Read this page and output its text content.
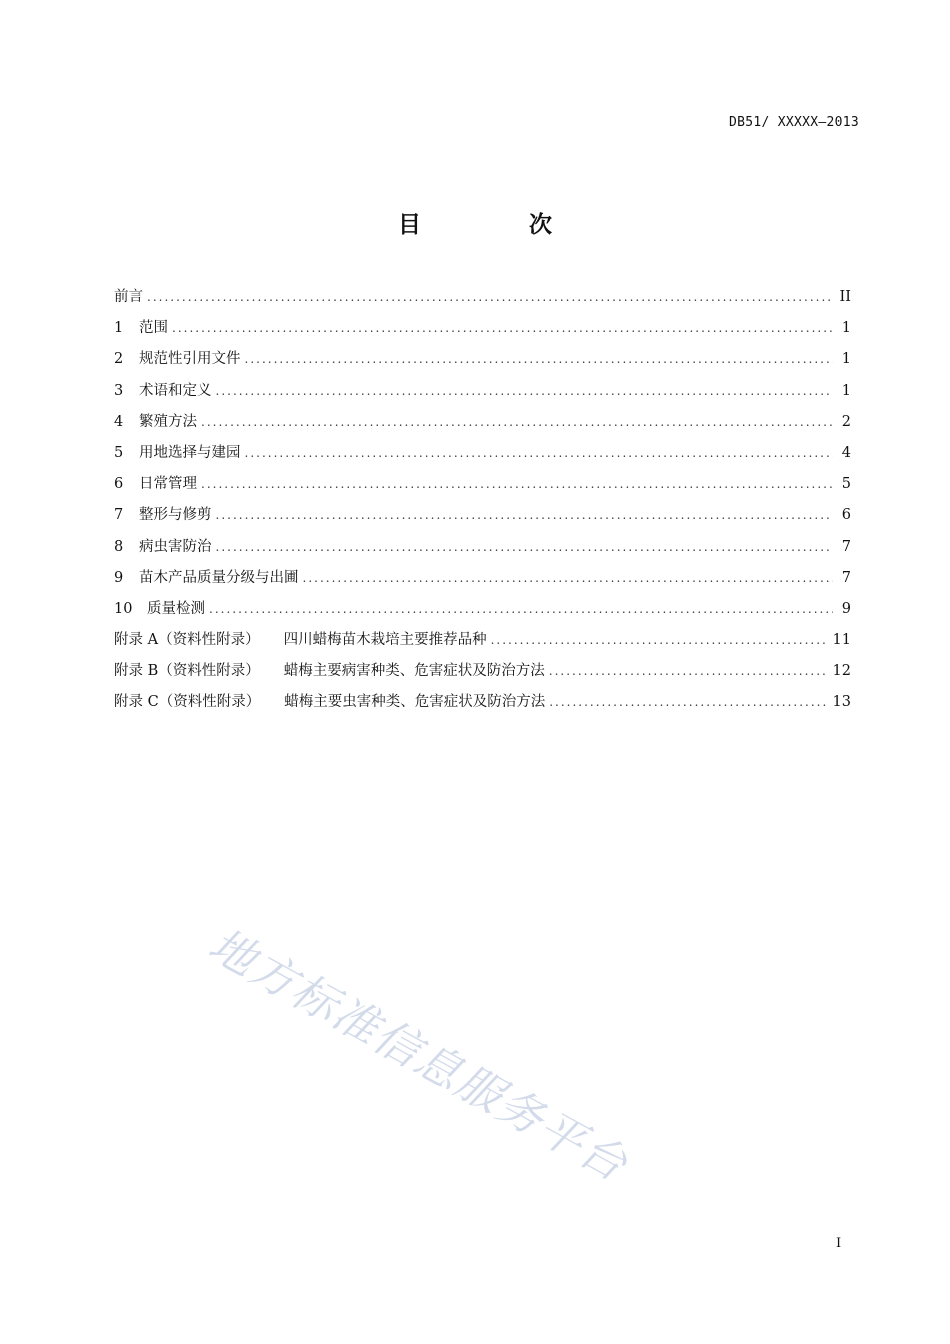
DB51/ XXXXX—2013
目 次
前言 .....	II
1	范围 .....	1
2	规范性引用文件 .....	1
3	术语和定义 .....	1
4	繁殖方法 .....	2
5	用地选择与建园 .....	4
6	日常管理 .....	5
7	整形与修剪 .....	6
8	病虫害防治 .....	7
9	苗木产品质量分级与出圃 .....	7
10	质量检测 .....	9
附录 A（资料性附录） 四川蜡梅苗木栽培主要推荐品种 .....	11
附录 B（资料性附录） 蜡梅主要病害种类、危害症状及防治方法 .....	12
附录 C（资料性附录） 蜡梅主要虫害种类、危害症状及防治方法 .....	13
地方标准信息服务平台
I
